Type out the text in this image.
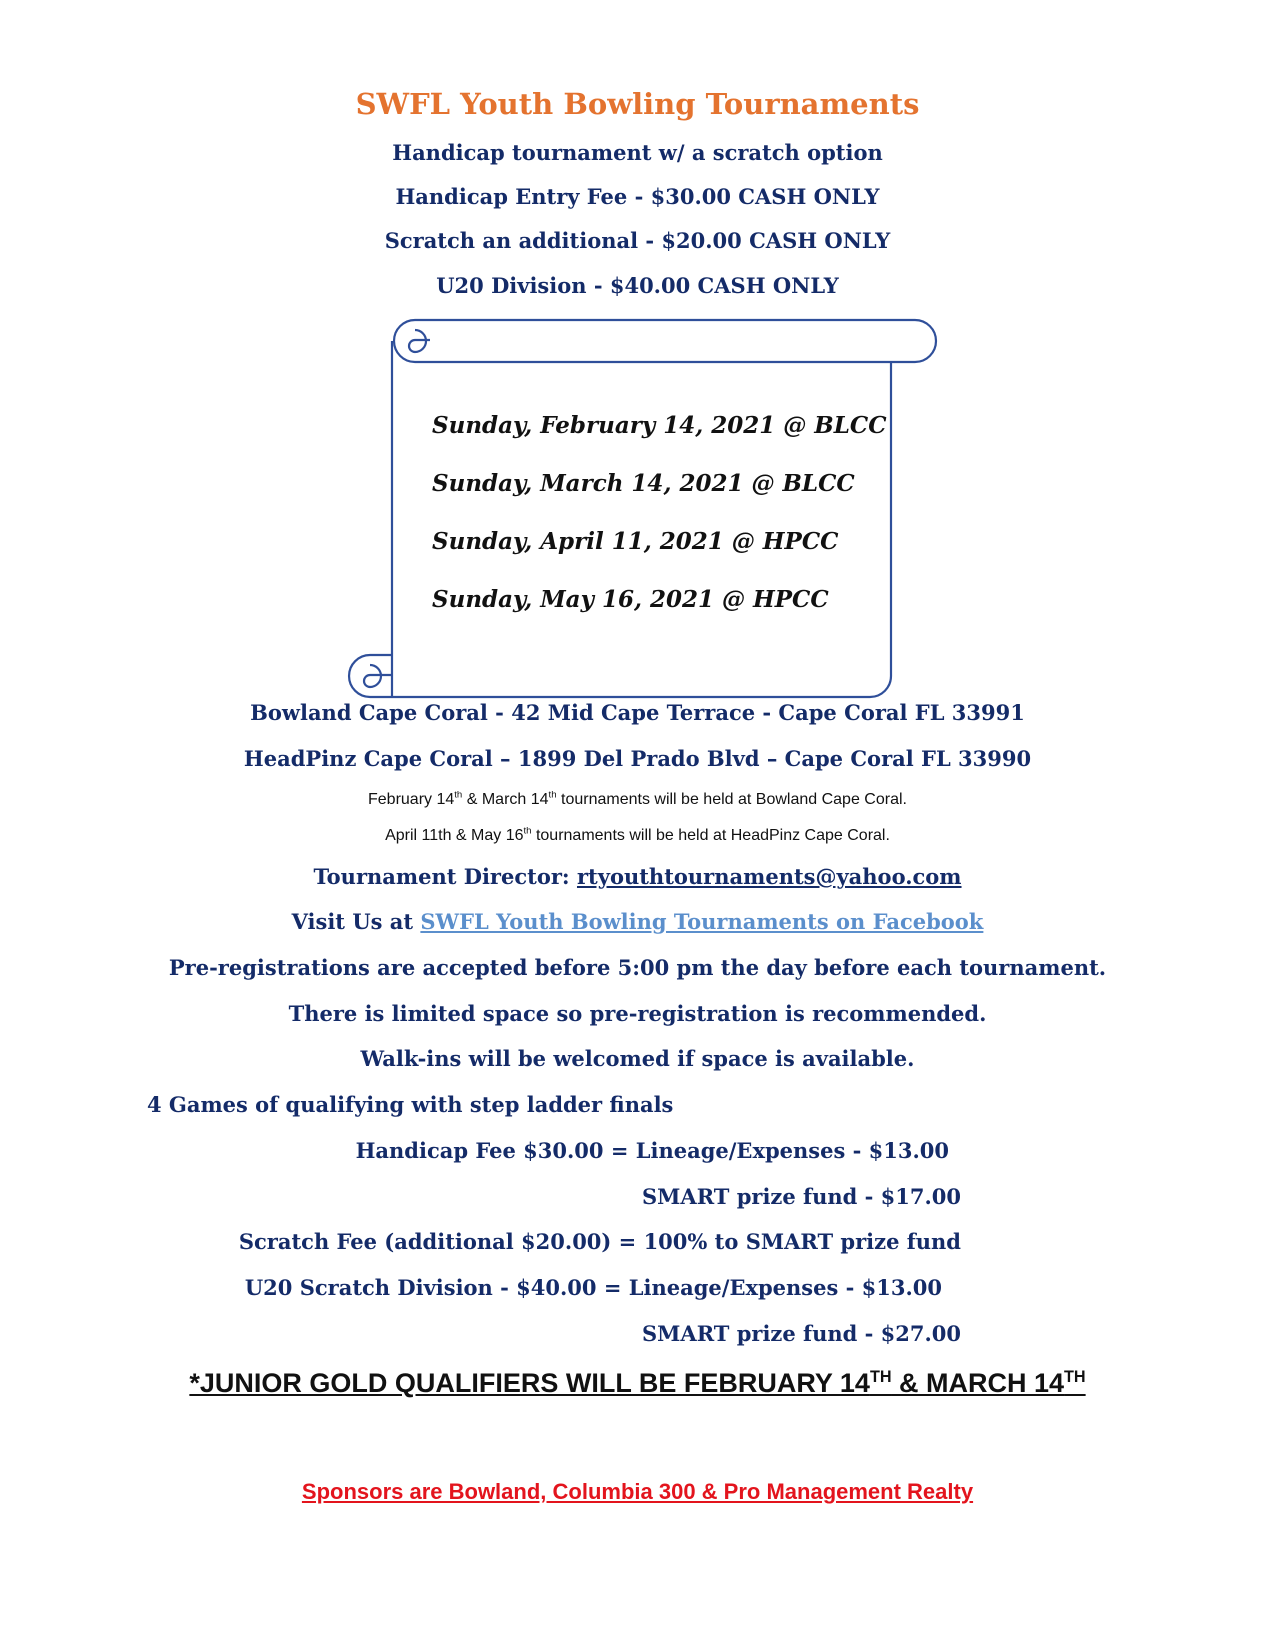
SWFL Youth Bowling Tournaments
Handicap tournament w/ a scratch option
Handicap Entry Fee - $30.00 CASH ONLY
Scratch an additional - $20.00 CASH ONLY
U20 Division - $40.00 CASH ONLY
Sunday, February 14, 2021 @ BLCC
Sunday, March 14, 2021 @ BLCC
Sunday, April 11, 2021 @ HPCC
Sunday, May 16, 2021 @ HPCC
Bowland Cape Coral - 42 Mid Cape Terrace - Cape Coral FL 33991
HeadPinz Cape Coral – 1899 Del Prado Blvd – Cape Coral FL 33990
February 14th & March 14th tournaments will be held at Bowland Cape Coral.
April 11th & May 16th tournaments will be held at HeadPinz Cape Coral.
Tournament Director: rtyouthtournaments@yahoo.com
Visit Us at SWFL Youth Bowling Tournaments on Facebook
Pre-registrations are accepted before 5:00 pm the day before each tournament.
There is limited space so pre-registration is recommended.
Walk-ins will be welcomed if space is available.
4 Games of qualifying with step ladder finals
Handicap Fee $30.00 = Lineage/Expenses - $13.00
SMART prize fund - $17.00
Scratch Fee (additional $20.00) = 100% to SMART prize fund
U20 Scratch Division - $40.00 = Lineage/Expenses - $13.00
SMART prize fund - $27.00
*JUNIOR GOLD QUALIFIERS WILL BE FEBRUARY 14TH & MARCH 14TH
Sponsors are Bowland, Columbia 300 & Pro Management Realty
